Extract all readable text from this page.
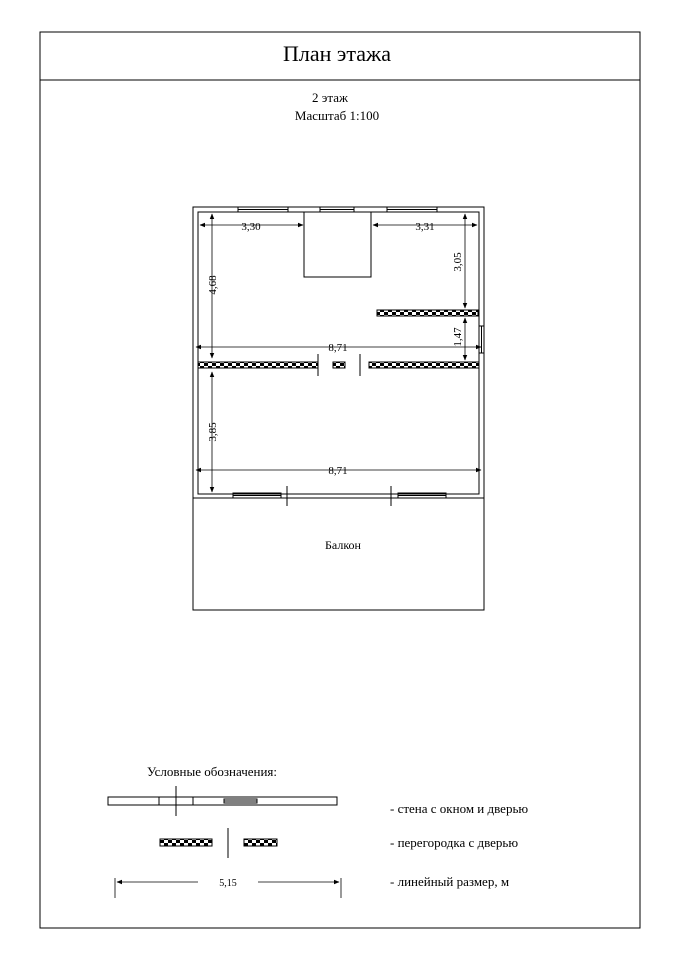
План этажа
2 этаж
Масштаб 1:100
3,30	3,31
4,68
3,05
1,47
8,71
3,85
8,71
Балкон
Условные обозначения:
- стена с окном и дверью
- перегородка с дверью
5,15	- линейный размер, м
